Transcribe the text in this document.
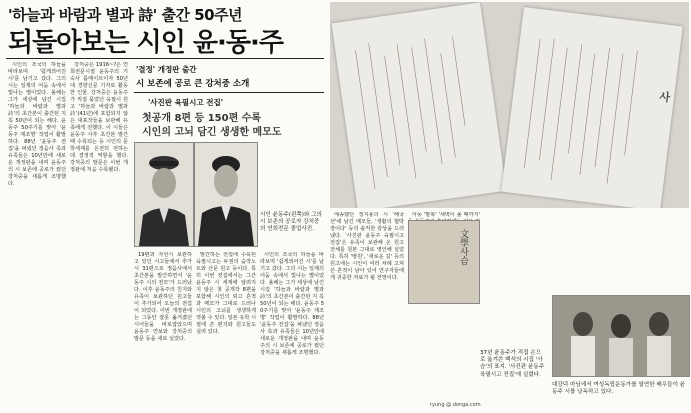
'하늘과 바람과 별과 詩' 출간 50주년
되돌아보는 시인 윤·동·주

시인의 조국의 하늘을 바라보며 '쉽게씌어진 시'를 남기고 갔다. 그의 시는 일제의 어둠 속에서 빛나는 별이었다. 올해는 그가 세상에 남긴 시집 '하늘과 바람과 별과 詩'의 초간본이 출간된 지 꼭 50년이 되는 해다. 윤동주 50주기를 맞아 '윤동주 재조명' 작업이 활발하다. 88년 '윤동주 전집'을 펴냈던 정음사 측과 유족들은 10년만에 새로운 개정판을 내며 윤동주의 시 보존에 공로가 컸던 강처중을 새롭게 조명했다.

강처중은 1916~?은 연희전문시절 윤동주의 기숙사 룸메이트이자 50년대 경향신문 기자로 활동한 인물. 강처중은 윤동주가 직접 묶었던 육필시 원고 '하늘과 바람과 별과 詩'(41년)에 포함되지 않은 대표작들을 보관해 유족에게 전했다. 이 시들은 윤동주 사후 초간본 발간 때 수록되는 등 시인의 문학세계를 온전히 전하는 데 결정적 역할을 했다. 강처중의 발문은 이번 개정판에 처음 수록됐다.

'결정' 개정판 출간
시 보존에 공로 큰 강처중 소개
'사진판 육필시고 전집'
첫공개 8편 등 150편 수록
시인의 고뇌 담긴 생생한 메모도
시인 윤동주(왼쪽)와 그의 시 보존의 공로자 강처중의 연희전문 졸업사진.

19편과 자선시 보관하고 있던 시고들에서 추가 시 31편으로 정음사에서 초간본을 발간하면서 '윤동주 시의 전모'가 드러났다. 이후 윤동주의 친지와 유족이 보관하던 원고들이 추가되어 오늘의 전집이 되었다. 이번 개정판에는 그동안 잘못 옮겨졌던 시어들을 바로잡았으며 윤동주 연보와 강처중의 발문 등을 새로 실었다.

발간하는 전집에 수록된 육필시고는 두권의 습작노트와 산문 원고 등이다. 특히 이번 전집에서는 그간 윤동주 시 세계에 알려지지 않은 첫 공개작 8편을 포함해 시인의 퇴고 흔적과 메모가 그대로 드러나 시인의 고뇌를 생생하게 엿볼 수 있다. 일본 유학 시절에 쓴 편지와 원고들도 실려 있다.

시인의 조국의 하늘을 바라보며 '쉽게씌어진 시'를 남기고 갔다. 그의 시는 일제의 어둠 속에서 빛나는 별이었다. 올해는 그가 세상에 남긴 시집 '하늘과 바람과 별과 詩'의 초간본이 출간된 지 꼭 50년이 되는 해다. 윤동주 50주기를 맞아 '윤동주 재조명' 작업이 활발하다. 88년 '윤동주 전집'을 펴냈던 정음사 측과 유족들은 10년만에 새로운 개정판을 내며 윤동주의 시 보존에 공로가 컸던 강처중을 새롭게 조명했다.

사

애송했던 정지용의 시 '해국선'에 남긴 메모들, '생활의 협박장이다' 등의 솔직한 감상을 드러냈다. '사진판 윤동주 육필시고 전집'은 유족이 보관해 온 원고 전체를 원본 그대로 영인해 실었다. 특히 '병원', '새로운 길' 등의 원고에는 시인이 여러 차례 고쳐 쓴 흔적이 남아 있어 연구자들에게 귀중한 자료가 될 전망이다.

아동 '팔복' '새벽이 올 때까지'

文學사슴
37년 윤동주가 직접 손으로 옮겨쓴 백석의 시집 '사슴'의 표지. '사진판 윤동주 육필시고 전집'에 실렸다.
ryung @ donga.com
대강덕 마님에서 여성독립운동가를 열연한 배우들이 윤동주 시를 낭독하고 있다.
